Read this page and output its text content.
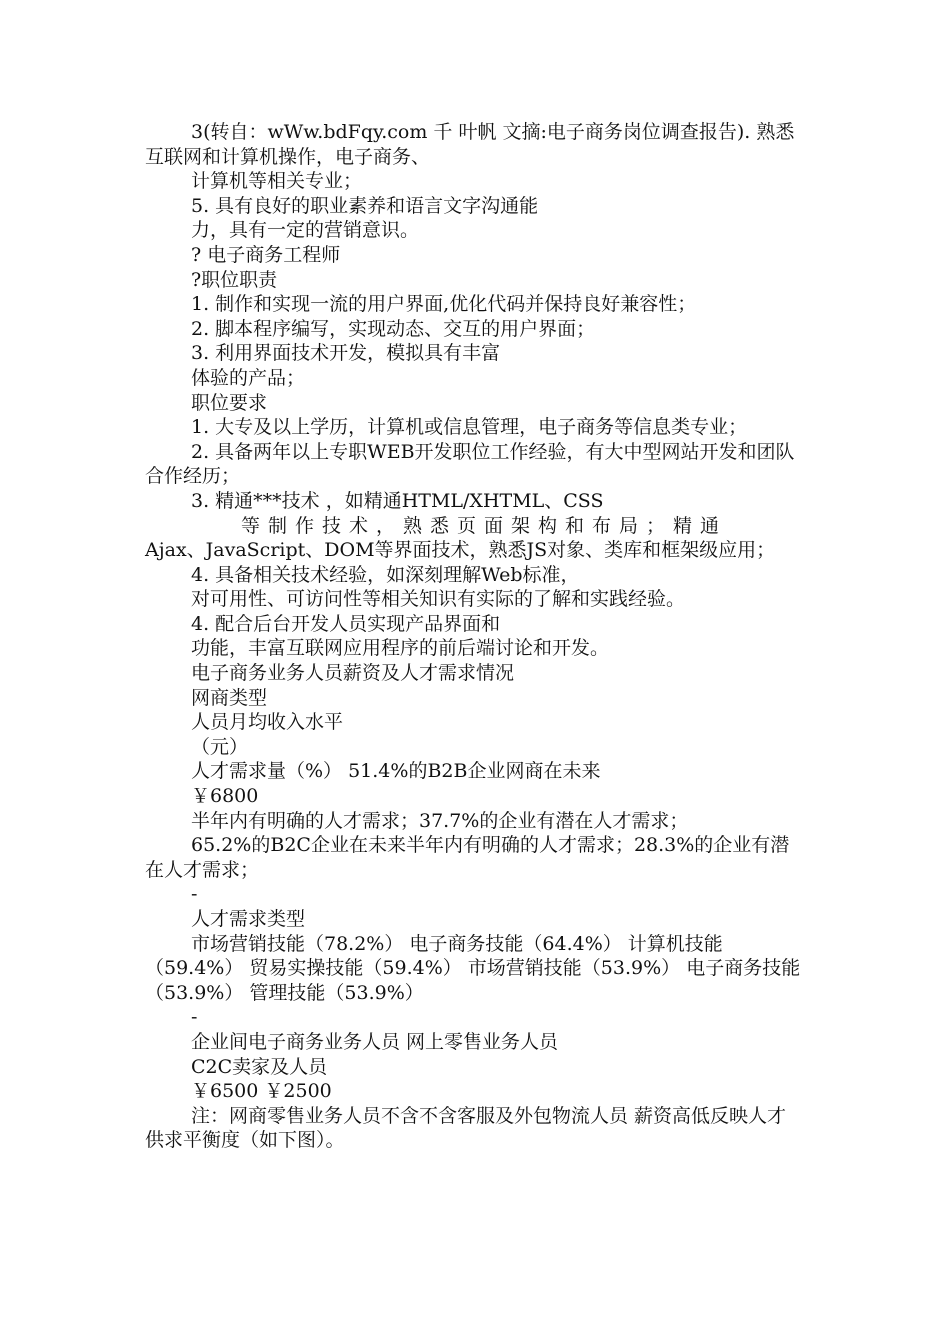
3(转自：wWw.bdFqy.com 千 叶帆 文摘:电子商务岗位调查报告). 熟悉互联网和计算机操作，电子商务、
计算机等相关专业；
5. 具有良好的职业素养和语言文字沟通能
力，具有一定的营销意识。
? 电子商务工程师
?职位职责
1. 制作和实现一流的用户界面,优化代码并保持良好兼容性；
2. 脚本程序编写，实现动态、交互的用户界面；
3. 利用界面技术开发，模拟具有丰富
体验的产品；
职位要求
1. 大专及以上学历，计算机或信息管理，电子商务等信息类专业；
2. 具备两年以上专职WEB开发职位工作经验，有大中型网站开发和团队合作经历；
3. 精通***技术 ，如精通HTML/XHTML、CSS
等制作技术，熟悉页面架构和布局；精通
Ajax、JavaScript、DOM等界面技术，熟悉JS对象、类库和框架级应用；
4. 具备相关技术经验，如深刻理解Web标准，
对可用性、可访问性等相关知识有实际的了解和实践经验。
4. 配合后台开发人员实现产品界面和
功能，丰富互联网应用程序的前后端讨论和开发。
电子商务业务人员薪资及人才需求情况
网商类型
人员月均收入水平
（元）
人才需求量（%） 51.4%的B2B企业网商在未来
￥6800
半年内有明确的人才需求；37.7%的企业有潜在人才需求；
65.2%的B2C企业在未来半年内有明确的人才需求；28.3%的企业有潜在人才需求；
-
人才需求类型
市场营销技能（78.2%） 电子商务技能（64.4%） 计算机技能（59.4%） 贸易实操技能（59.4%） 市场营销技能（53.9%） 电子商务技能（53.9%） 管理技能（53.9%）
-
企业间电子商务业务人员 网上零售业务人员
C2C卖家及人员
￥6500 ￥2500
注：网商零售业务人员不含不含客服及外包物流人员 薪资高低反映人才供求平衡度（如下图）。
